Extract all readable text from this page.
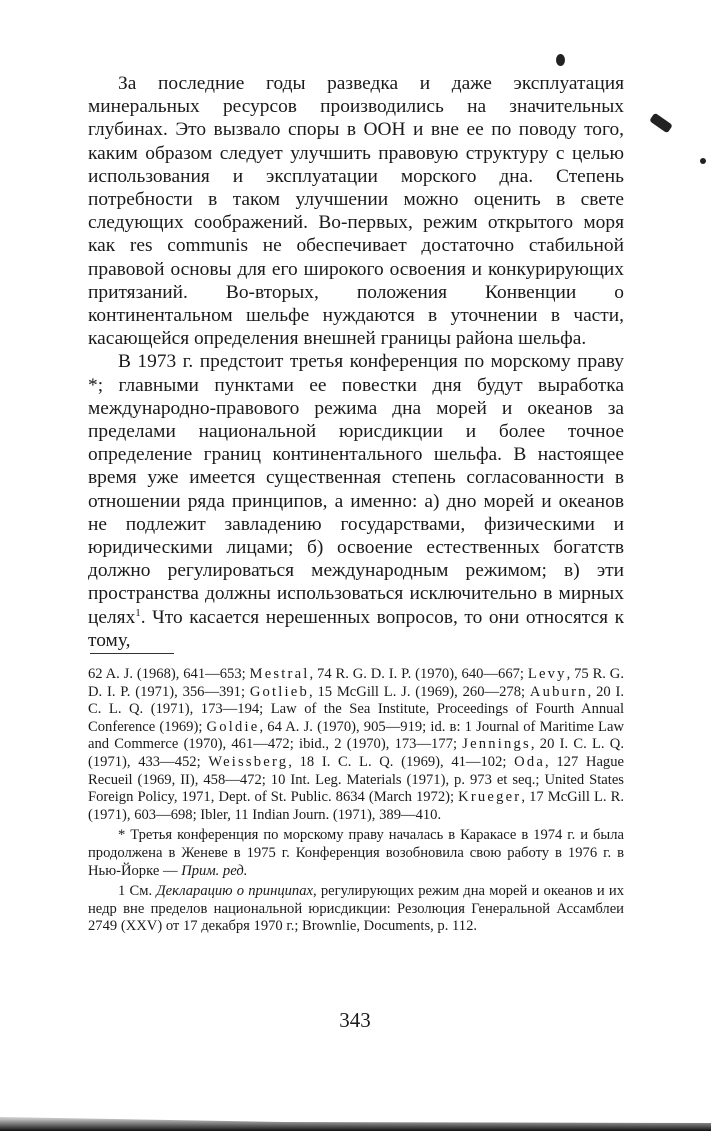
За последние годы разведка и даже эксплуатация минеральных ресурсов производились на значительных глубинах. Это вызвало споры в ООН и вне ее по поводу того, каким образом следует улучшить правовую структуру с целью использования и эксплуатации морского дна. Степень потребности в таком улучшении можно оценить в свете следующих соображений. Во-первых, режим открытого моря как res communis не обеспечивает достаточно стабильной правовой основы для его широкого освоения и конкурирующих притязаний. Во-вторых, положения Конвенции о континентальном шельфе нуждаются в уточнении в части, касающейся определения внешней границы района шельфа.

В 1973 г. предстоит третья конференция по морскому праву *; главными пунктами ее повестки дня будут выработка международно-правового режима дна морей и океанов за пределами национальной юрисдикции и более точное определение границ континентального шельфа. В настоящее время уже имеется существенная степень согласованности в отношении ряда принципов, а именно: а) дно морей и океанов не подлежит завладению государствами, физическими и юридическими лицами; б) освоение естественных богатств должно регулироваться международным режимом; в) эти пространства должны использоваться исключительно в мирных целях$^1$. Что касается нерешенных вопросов, то они относятся к тому,

62 A. J. (1968), 641—653; Mestral, 74 R. G. D. I. P. (1970), 640—667; Levy, 75 R. G. D. I. P. (1971), 356—391; Gotlieb, 15 McGill L. J. (1969), 260—278; Auburn, 20 I. C. L. Q. (1971), 173—194; Law of the Sea Institute, Proceedings of Fourth Annual Conference (1969); Goldie, 64 A. J. (1970), 905—919; id. в: 1 Journal of Maritime Law and Commerce (1970), 461—472; ibid., 2 (1970), 173—177; Jennings, 20 I. C. L. Q. (1971), 433—452; Weissberg, 18 I. C. L. Q. (1969), 41—102; Oda, 127 Hague Recueil (1969, II), 458—472; 10 Int. Leg. Materials (1971), p. 973 et seq.; United States Foreign Policy, 1971, Dept. of St. Public. 8634 (March 1972); Krueger, 17 McGill L. R. (1971), 603—698; Ibler, 11 Indian Journ. (1971), 389—410.

* Третья конференция по морскому праву началась в Каракасе в 1974 г. и была продолжена в Женеве в 1975 г. Конференция возобновила свою работу в 1976 г. в Нью-Йорке — Прим. ред.

1 См. Декларацию о принципах, регулирующих режим дна морей и океанов и их недр вне пределов национальной юрисдикции: Резолюция Генеральной Ассамблеи 2749 (XXV) от 17 декабря 1970 г.; Brownlie, Documents, p. 112.

343
